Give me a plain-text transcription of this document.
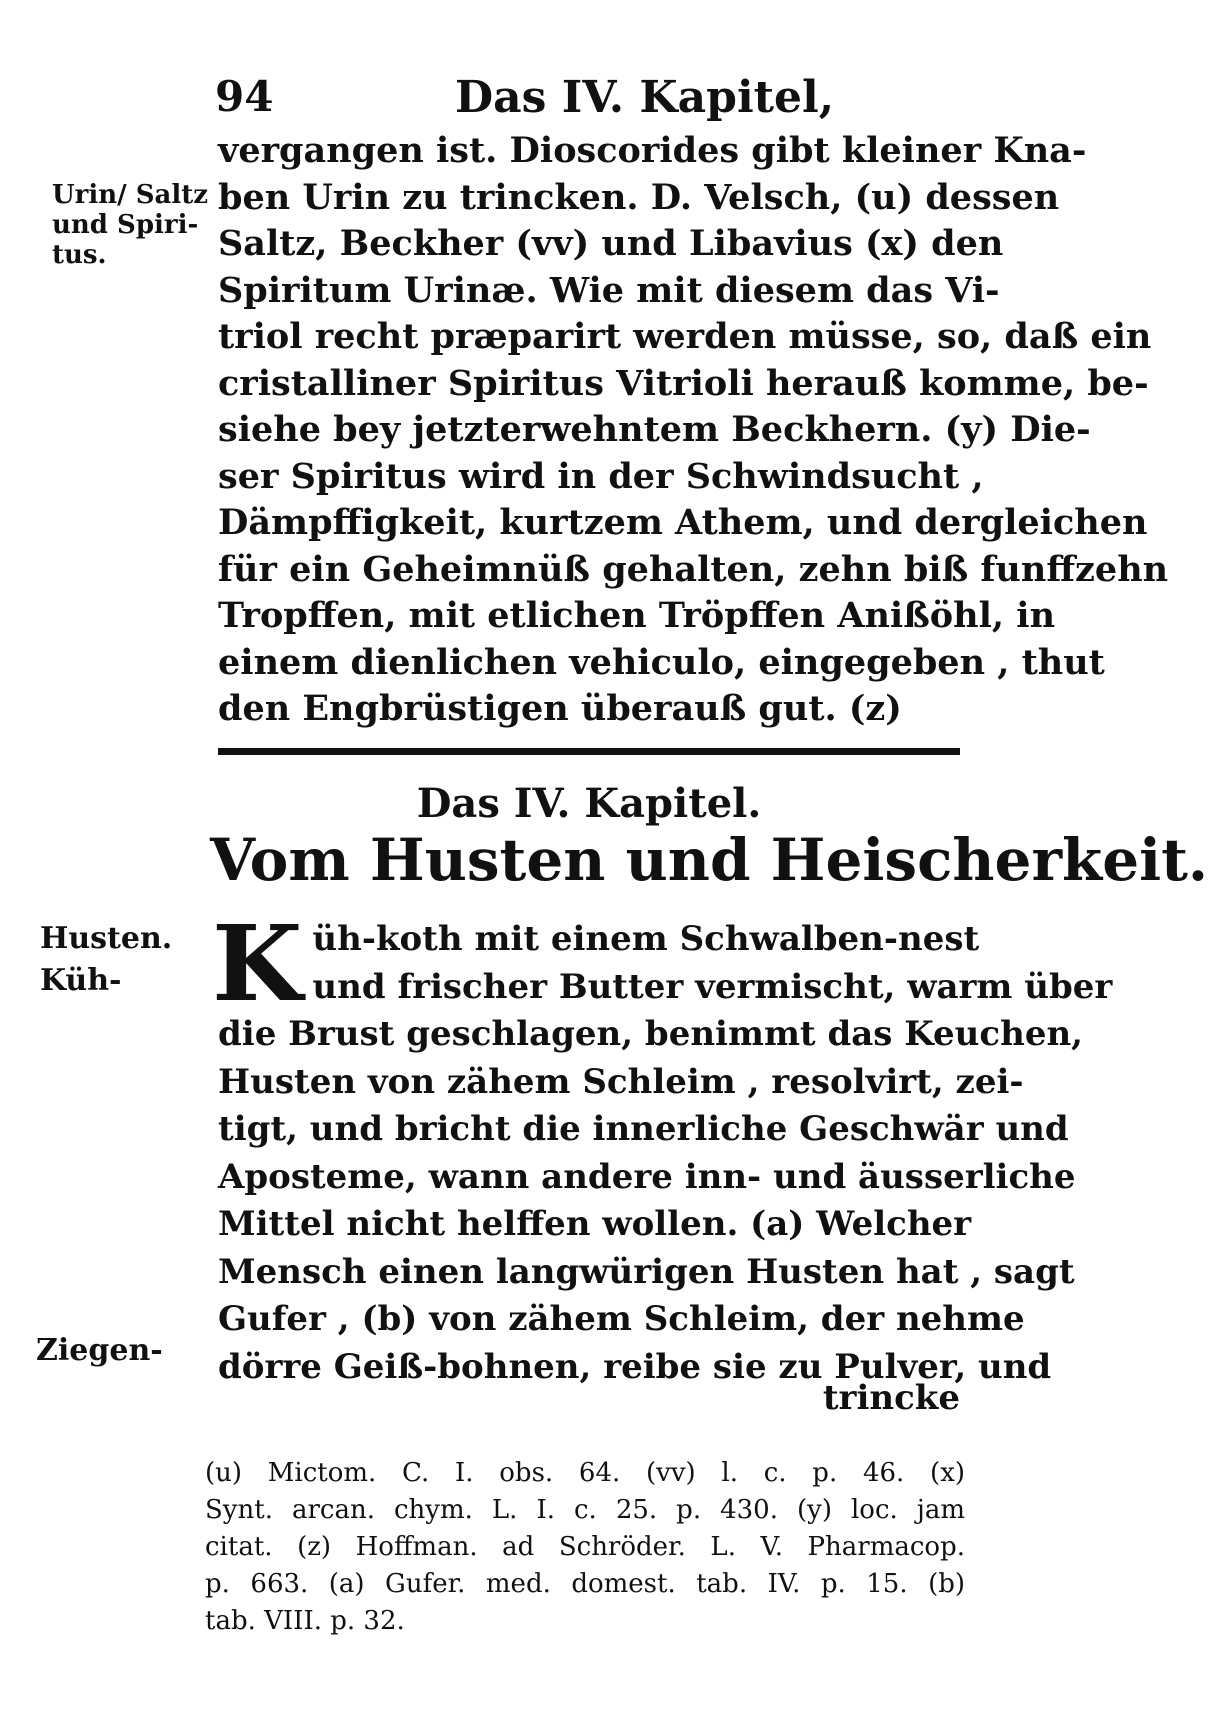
94	Das IV. Kapitel,
Urin/ Saltz
und Spiri-
tus.
vergangen ist. Dioscorides gibt kleiner Kna-
ben Urin zu trincken. D. Velsch, (u) dessen
Saltz, Beckher (vv) und Libavius (x) den
Spiritum Urinæ. Wie mit diesem das Vi-
triol recht præparirt werden müsse, so, daß ein
cristalliner Spiritus Vitrioli herauß komme, be-
siehe bey jetzterwehntem Beckhern. (y) Die-
ser Spiritus wird in der Schwindsucht ,
Dämpffigkeit, kurtzem Athem, und dergleichen
für ein Geheimnüß gehalten, zehn biß funffzehn
Tropffen, mit etlichen Tröpffen Anißöhl, in
einem dienlichen vehiculo, eingegeben , thut
den Engbrüstigen überauß gut. (z)
Das IV. Kapitel.
Vom Husten und Heischerkeit.
Husten.
Küh- K üh-koth mit einem Schwalben-nest
und frischer Butter vermischt, warm über
die Brust geschlagen, benimmt das Keuchen,
Husten von zähem Schleim , resolvirt, zei-
tigt, und bricht die innerliche Geschwär und
Aposteme, wann andere inn- und äusserliche
Mittel nicht helffen wollen. (a) Welcher
Mensch einen langwürigen Husten hat , sagt
Gufer , (b) von zähem Schleim, der nehme
dörre Geiß-bohnen, reibe sie zu Pulver, und
Ziegen-
trincke
(u) Mictom. C. I. obs. 64. (vv) l. c. p. 46. (x)
Synt. arcan. chym. L. I. c. 25. p. 430. (y) loc. jam
citat. (z) Hoffman. ad Schröder. L. V. Pharmacop.
p. 663. (a) Gufer. med. domest. tab. IV. p. 15. (b)
tab. VIII. p. 32.
